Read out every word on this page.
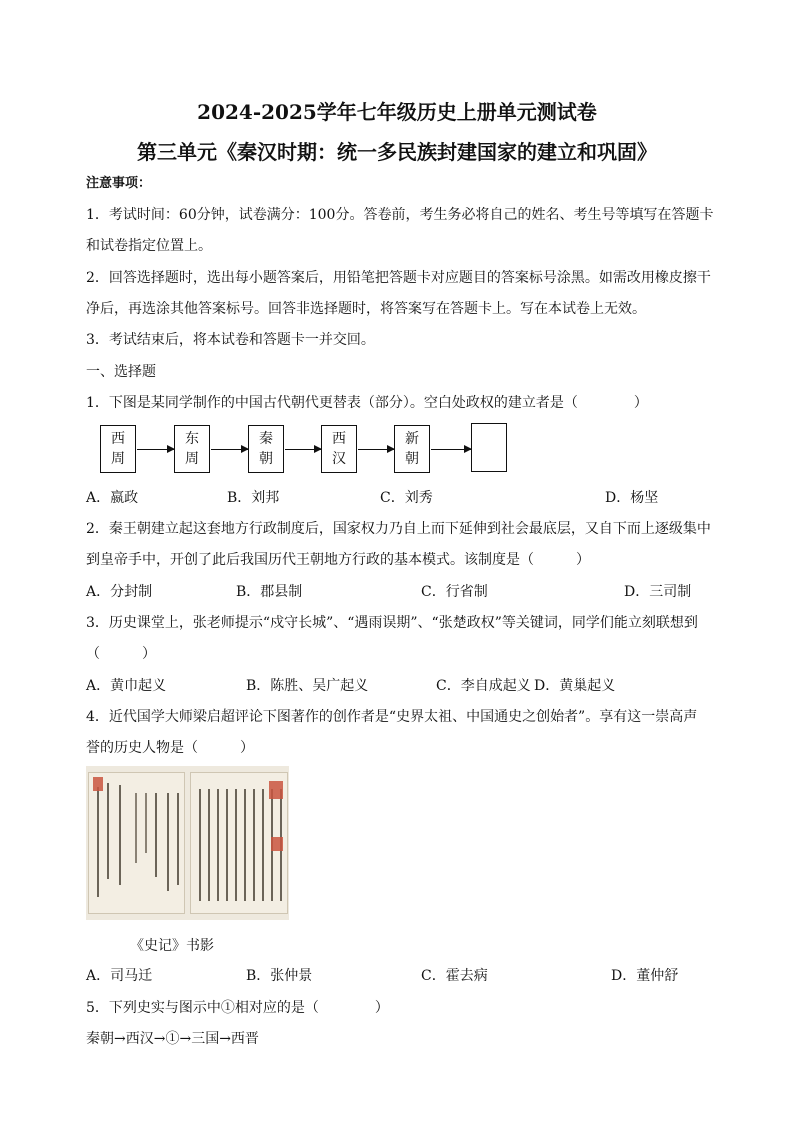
2024-2025学年七年级历史上册单元测试卷
第三单元《秦汉时期：统一多民族封建国家的建立和巩固》
注意事项：
1．考试时间：60分钟，试卷满分：100分。答卷前，考生务必将自己的姓名、考生号等填写在答题卡
和试卷指定位置上。
2．回答选择题时，选出每小题答案后，用铅笔把答题卡对应题目的答案标号涂黑。如需改用橡皮擦干
净后，再选涂其他答案标号。回答非选择题时，将答案写在答题卡上。写在本试卷上无效。
3．考试结束后，将本试卷和答题卡一并交回。
一、选择题
1．下图是某同学制作的中国古代朝代更替表（部分）。空白处政权的建立者是（　　　　）
西周
东周
秦朝
西汉
新朝
A．嬴政	B．刘邦	C．刘秀	D．杨坚
2．秦王朝建立起这套地方行政制度后，国家权力乃自上而下延伸到社会最底层，又自下而上逐级集中
到皇帝手中，开创了此后我国历代王朝地方行政的基本模式。该制度是（　　　）
A．分封制	B．郡县制	C．行省制	D．三司制
3．历史课堂上，张老师提示“戍守长城”、“遇雨误期”、“张楚政权”等关键词，同学们能立刻联想到
（　　　）
A．黄巾起义	B．陈胜、吴广起义	C．李自成起义 D．黄巢起义
4．近代国学大师梁启超评论下图著作的创作者是“史界太祖、中国通史之创始者”。享有这一崇高声
誉的历史人物是（　　　）
《史记》书影
A．司马迁	B．张仲景	C．霍去病	D．董仲舒
5．下列史实与图示中①相对应的是（　　　　）
秦朝→西汉→①→三国→西晋
